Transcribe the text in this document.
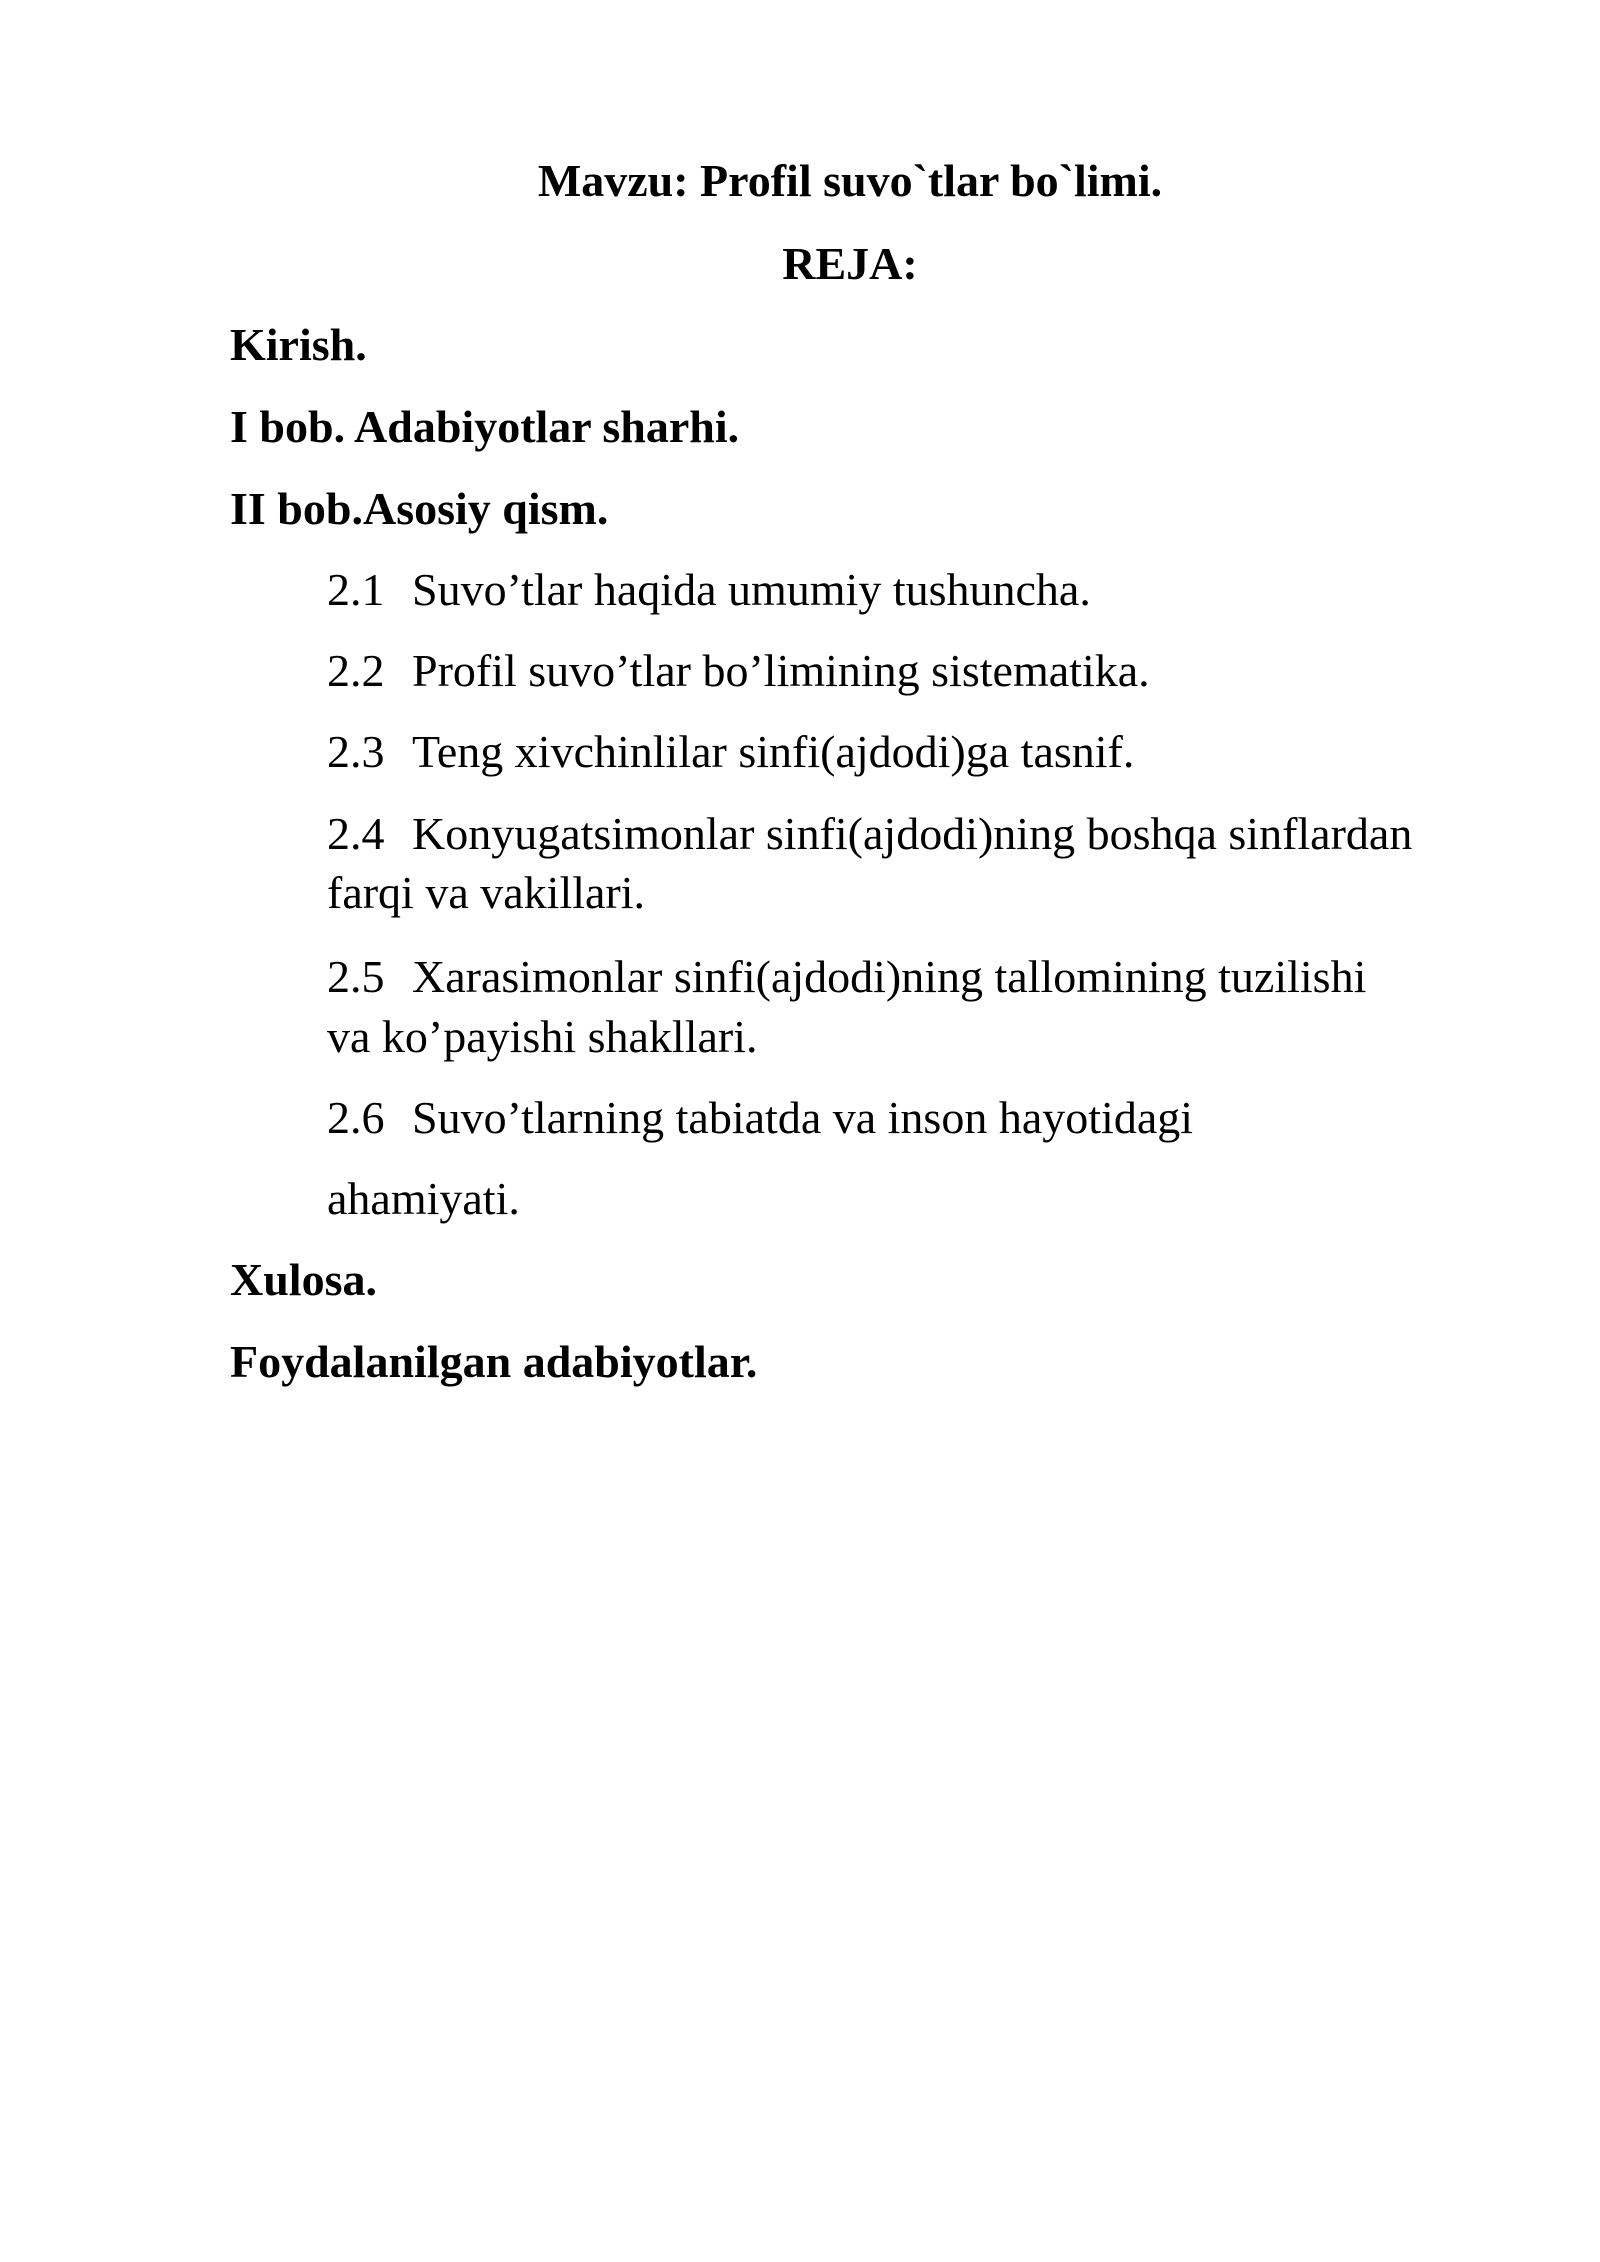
Mavzu: Profil suvo`tlar bo`limi.
REJA:
Kirish.
I bob. Adabiyotlar sharhi.
II bob.Asosiy qism.
2.1 Suvo’tlar haqida umumiy tushuncha.
2.2 Profil suvo’tlar bo’limining sistematika.
2.3 Teng xivchinlilar sinfi(ajdodi)ga tasnif.
2.4 Konyugatsimonlar sinfi(ajdodi)ning boshqa sinflardan
farqi va vakillari.
2.5 Xarasimonlar sinfi(ajdodi)ning tallomining tuzilishi
va ko’payishi shakllari.
2.6 Suvo’tlarning tabiatda va inson hayotidagi
ahamiyati.
Xulosa.
Foydalanilgan adabiyotlar.
